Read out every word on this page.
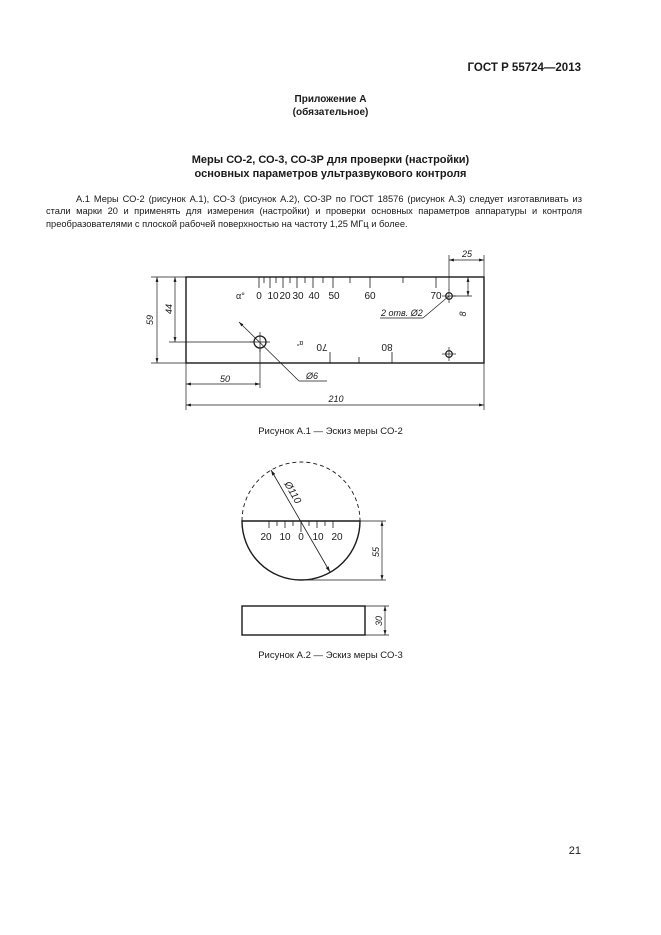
ГОСТ Р 55724—2013
Приложение А
(обязательное)
Меры СО-2, СО-3, СО-3Р для проверки (настройки)
основных параметров ультразвукового контроля
А.1 Меры СО-2 (рисунок А.1), СО-3 (рисунок А.2), СО-3Р по ГОСТ 18576 (рисунок А.3) следует изготавливать из стали марки 20 и применять для измерения (настройки) и проверки основных параметров аппаратуры и контроля преобразователями с плоской рабочей поверхностью на частоту 1,25 МГц и более.
α° 0 10 20 30 40 50 60	70
70	80
α°
59
44
50
210
25
8
2 отв. Ø2
Ø6
Рисунок А.1 — Эскиз меры СО-2
Ø110
20 10 0 10 20
55
30
Рисунок А.2 — Эскиз меры СО-3
21
